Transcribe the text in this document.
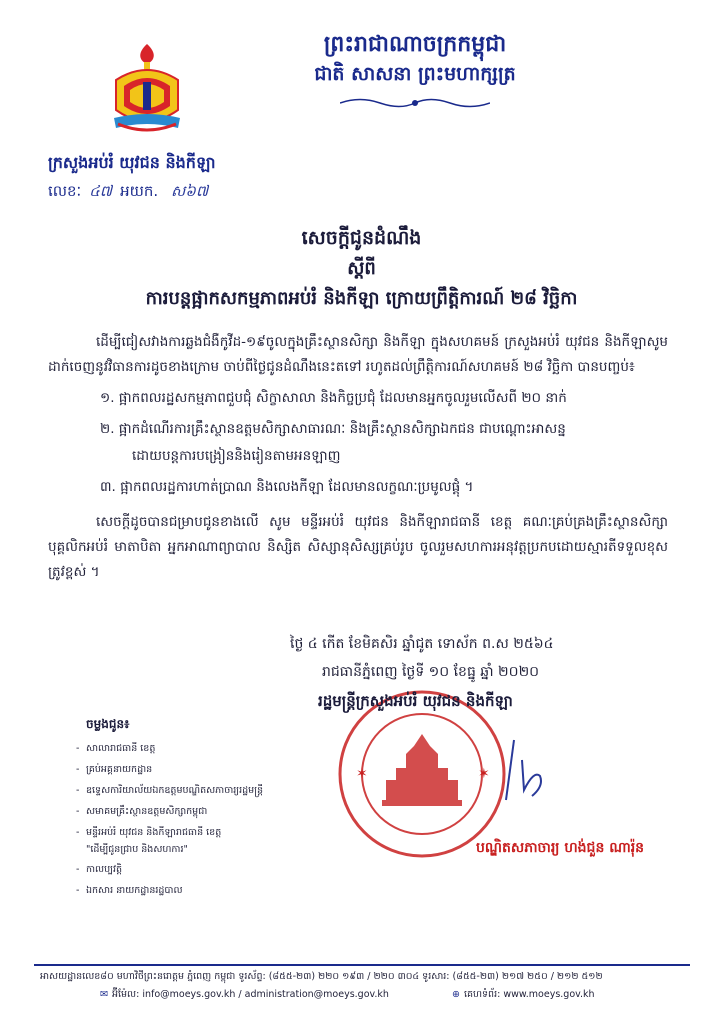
ព្រះរាជាណាចក្រកម្ពុជា
ជាតិ សាសនា ព្រះមហាក្សត្រ
ក្រសួងអប់រំ យុវជន និងកីឡា
លេខៈ ៤៧ អយក. ស៦៧
សេចក្តីជូនដំណឹង
ស្តីពី
ការបន្តផ្អាកសកម្មភាពអប់រំ និងកីឡា ក្រោយព្រឹត្តិការណ៍ ២៨ វិច្ឆិកា

ដើម្បីជៀសវាងការឆ្លងជំងឺកូវីដ-១៩ចូលក្នុងគ្រឹះស្ថានសិក្សា និងកីឡា ក្នុងសហគមន៍ ក្រសួងអប់រំ យុវជន និងកីឡាសូមដាក់ចេញនូវវិធានការដូចខាងក្រោម ចាប់ពីថ្ងៃជូនដំណឹងនេះតទៅ រហូតដល់ព្រឹត្តិការណ៍សហគមន៍ ២៨ វិច្ឆិកា បានបញ្ចប់៖

១. ផ្អាកពលរដ្ឋសកម្មភាពជួបជុំ សិក្ខាសាលា និងកិច្ចប្រជុំ ដែលមានអ្នកចូលរួមលើសពី ២០ នាក់

២. ផ្អាកដំណើរការគ្រឹះស្ថានឧត្តមសិក្សាសាធារណៈ និងគ្រឹះស្ថានសិក្សាឯកជន ជាបណ្តោះអាសន្ន

ដោយបន្តការបង្រៀននិងរៀនតាមអនឡាញ

៣. ផ្អាកពលរដ្ឋការហាត់ប្រាណ និងលេងកីឡា ដែលមានលក្ខណៈប្រមូលផ្តុំ ។

សេចក្តីដូចបានជម្រាបជូនខាងលើ សូម មន្ទីរអប់រំ យុវជន និងកីឡារាជធានី ខេត្ត គណៈគ្រប់គ្រងគ្រឹះស្ថានសិក្សា បុគ្គលិកអប់រំ មាតាបិតា អ្នកអាណាព្យាបាល និស្សិត សិស្សានុសិស្សគ្រប់រូប ចូលរួមសហការអនុវត្តប្រកបដោយស្មារតីទទួលខុសត្រូវខ្ពស់ ។

ថ្ងៃ ៤ កើត ខែមិគសិរ ឆ្នាំជូត ទោស័ក ព.ស ២៥៦៤
រាជធានីភ្នំពេញ ថ្ងៃទី ១០ ខែធ្នូ ឆ្នាំ ២០២០
✶	✶
រដ្ឋមន្ត្រីក្រសួងអប់រំ យុវជន និងកីឡា
បណ្ឌិតសភាចារ្យ ហង់ជួន ណារ៉ុន
ចម្លងជូន៖
- សាលារាជធានី ខេត្ត
- គ្រប់អគ្គនាយកដ្ឋាន
- ឧទ្ទេសការិយាល័យឯកឧត្តមបណ្ឌិតសភាចារ្យរដ្ឋមន្ត្រី
- សមាគមគ្រឹះស្ថានឧត្តមសិក្សាកម្ពុជា
- មន្ទីរអប់រំ យុវជន និងកីឡារាជធានី ខេត្ត
"ដើម្បីជូនជ្រាប និងសហការ"
- កាលប្បវត្តិ
- ឯកសារ នាយកដ្ឋានរដ្ឋបាល
អាសយដ្ឋានលេខ៨០ មហាវិថីព្រះនរោត្តម ភ្នំពេញ កម្ពុជា ទូរស័ព្ទ: (៨៥៥-២៣) ២២០ ១៩៣ / ២២០ ៣០៤ ទូរសារ: (៨៥៥-២៣) ២១៧ ២៥០ / ២១២ ៥១២
✉ អ៊ីម៉ែល: info@moeys.gov.kh / administration@moeys.gov.kh	⊕ គេហទំព័រ: www.moeys.gov.kh
